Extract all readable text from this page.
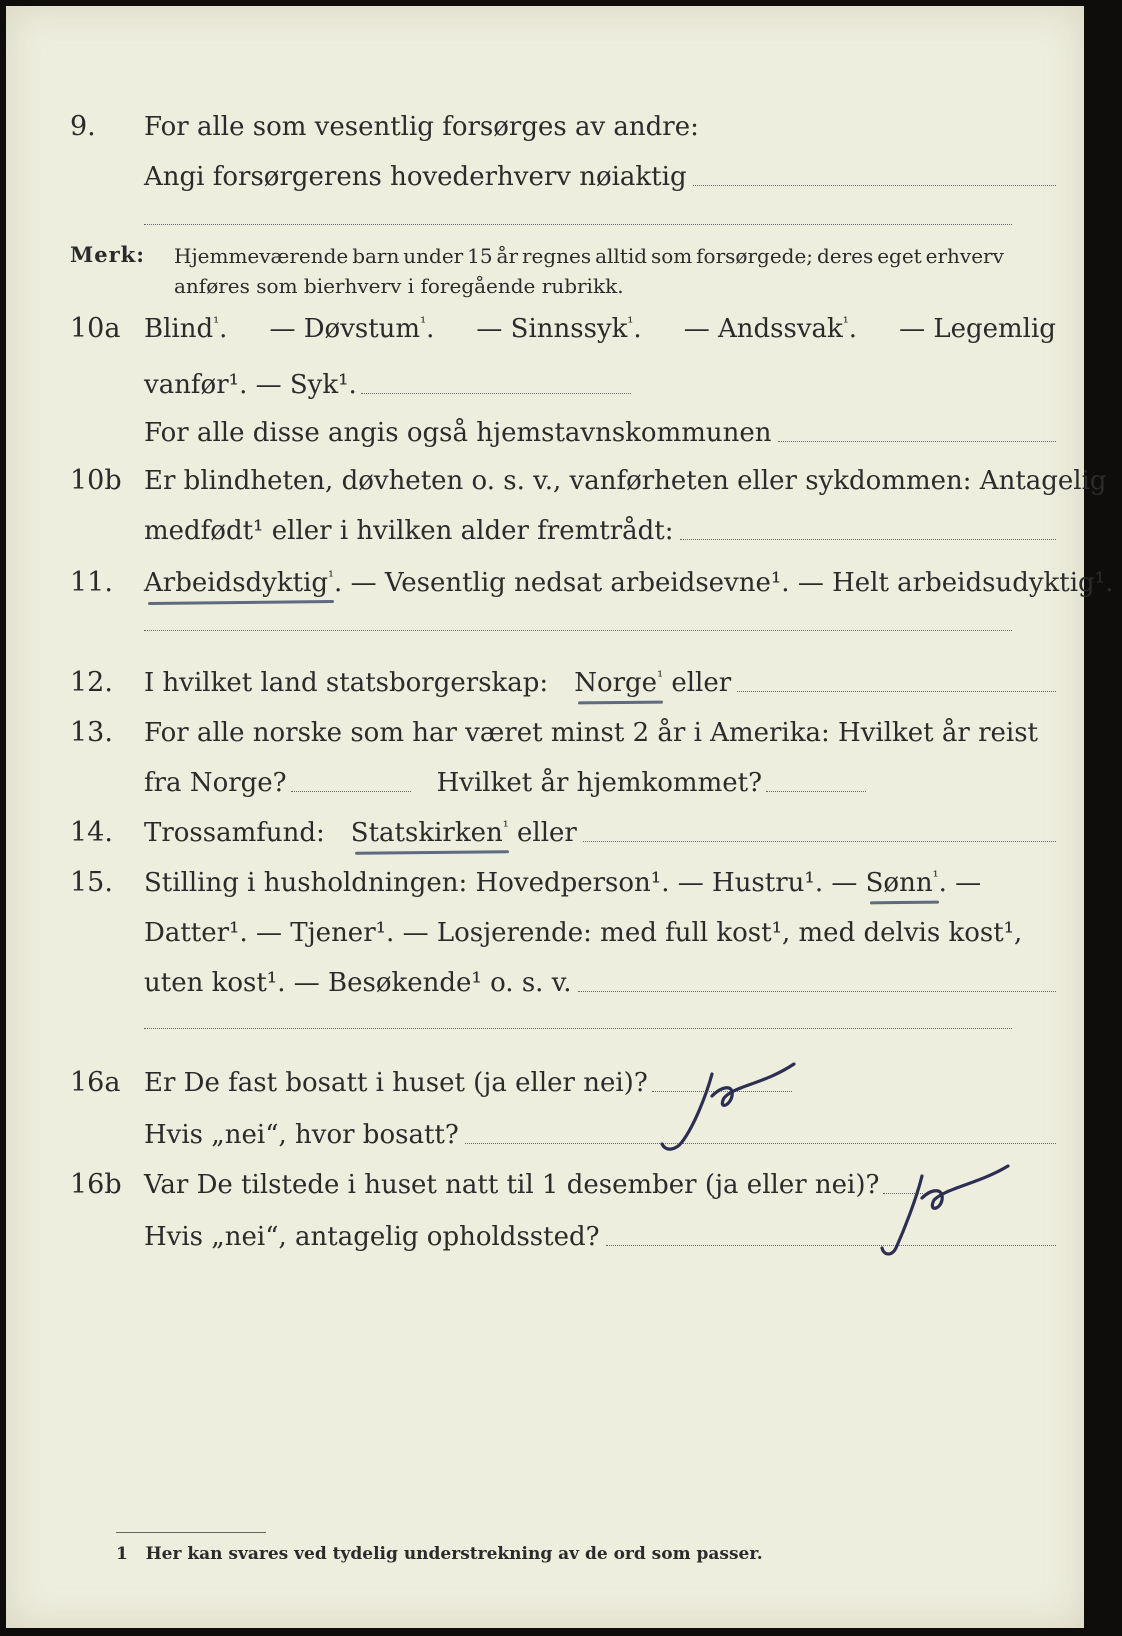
9.	For alle som vesentlig forsørges av andre:
Angi forsørgerens hovederhverv nøiaktig
Merk: Hjemmeværende barn under 15 år regnes alltid som forsørgede; deres eget erhverv
anføres som bierhverv i foregående rubrikk.
10a Blind$^{^1}$. — Døvstum$^{^1}$. — Sinnssyk$^{^1}$. — Andssvak$^{^1}$. — Legemlig
vanfør¹. — Syk¹.
For alle disse angis også hjemstavnskommunen
10b Er blindheten, døvheten o. s. v., vanførheten eller sykdommen: Antagelig
medfødt¹ eller i hvilken alder fremtrådt:
11.	Arbeidsdyktig$^{^1}$ . — Vesentlig nedsat arbeidsevne¹. — Helt arbeidsudyktig¹.
12.	I hvilket land statsborgerskap: Norge$^{^1}$
eller
13.	For alle norske som har været minst 2 år i Amerika: Hvilket år reist
fra Norge?	Hvilket år hjemkommet?
14.	Trossamfund: Statskirken$^{^1}$
eller
15.	Stilling i husholdningen: Hovedperson¹. — Hustru¹. —
Sønn$^{^1}$ . —
Datter¹. — Tjener¹. — Losjerende: med full kost¹, med delvis kost¹,
uten kost¹. — Besøkende¹ o. s. v.
16a Er De fast bosatt i huset (ja eller nei)?
Hvis „nei“, hvor bosatt?
16b Var De tilstede i huset natt til 1 desember (ja eller nei)?
Hvis „nei“, antagelig opholdssted?
1 Her kan svares ved tydelig understrekning av de ord som passer.
